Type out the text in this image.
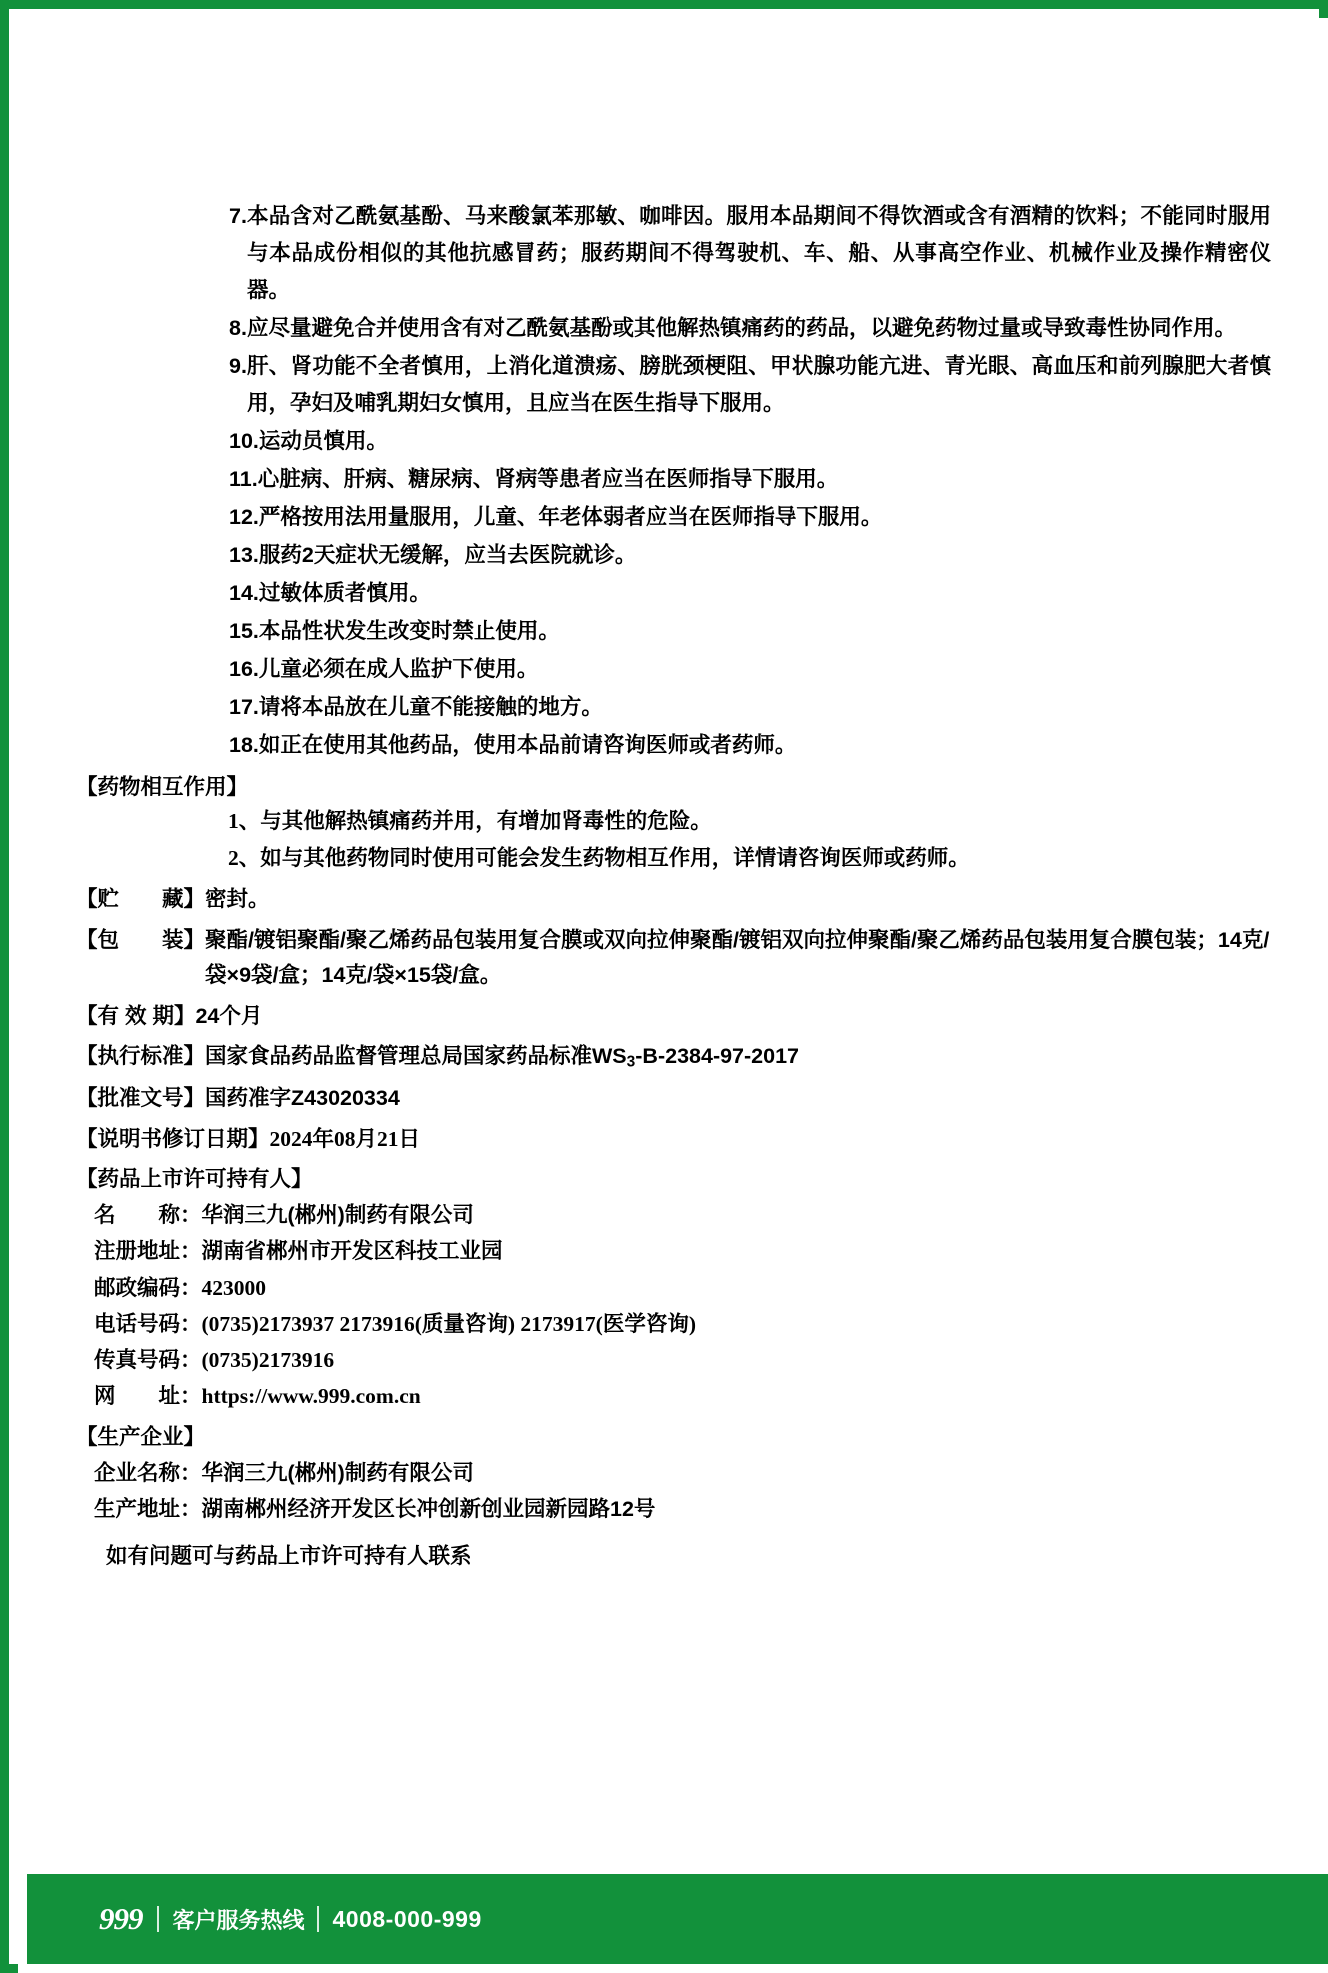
7. 本品含对乙酰氨基酚、马来酸氯苯那敏、咖啡因。服用本品期间不得饮酒或含有酒精的饮料；不能同时服用与本品成份相似的其他抗感冒药；服药期间不得驾驶机、车、船、从事高空作业、机械作业及操作精密仪器。
8. 应尽量避免合并使用含有对乙酰氨基酚或其他解热镇痛药的药品，以避免药物过量或导致毒性协同作用。
9. 肝、肾功能不全者慎用，上消化道溃疡、膀胱颈梗阻、甲状腺功能亢进、青光眼、高血压和前列腺肥大者慎用，孕妇及哺乳期妇女慎用，且应当在医生指导下服用。
10. 运动员慎用。
11. 心脏病、肝病、糖尿病、肾病等患者应当在医师指导下服用。
12. 严格按用法用量服用，儿童、年老体弱者应当在医师指导下服用。
13. 服药2天症状无缓解，应当去医院就诊。
14. 过敏体质者慎用。
15. 本品性状发生改变时禁止使用。
16. 儿童必须在成人监护下使用。
17. 请将本品放在儿童不能接触的地方。
18. 如正在使用其他药品，使用本品前请咨询医师或者药师。
【药物相互作用】
1、与其他解热镇痛药并用，有增加肾毒性的危险。
2、如与其他药物同时使用可能会发生药物相互作用，详情请咨询医师或药师。
【贮　　藏】 密封。
【包　　装】 聚酯/镀铝聚酯/聚乙烯药品包装用复合膜或双向拉伸聚酯/镀铝双向拉伸聚酯/聚乙烯药品包装用复合膜包装；14克/袋×9袋/盒；14克/袋×15袋/盒。
【有 效 期】 24个月
【执行标准】 国家食品药品监督管理总局国家药品标准$WS_3-B-2384-97-2017$
【批准文号】 国药准字Z43020334
【说明书修订日期】 2024年08月21日
【药品上市许可持有人】
名　　称： 华润三九(郴州)制药有限公司
注册地址： 湖南省郴州市开发区科技工业园
邮政编码： 423000
电话号码： (0735)2173937 2173916(质量咨询) 2173917(医学咨询)
传真号码： (0735)2173916
网　　址： https://www.999.com.cn
【生产企业】
企业名称： 华润三九(郴州)制药有限公司
生产地址： 湖南郴州经济开发区长冲创新创业园新园路12号
如有问题可与药品上市许可持有人联系
999 客户服务热线 4008-000-999
